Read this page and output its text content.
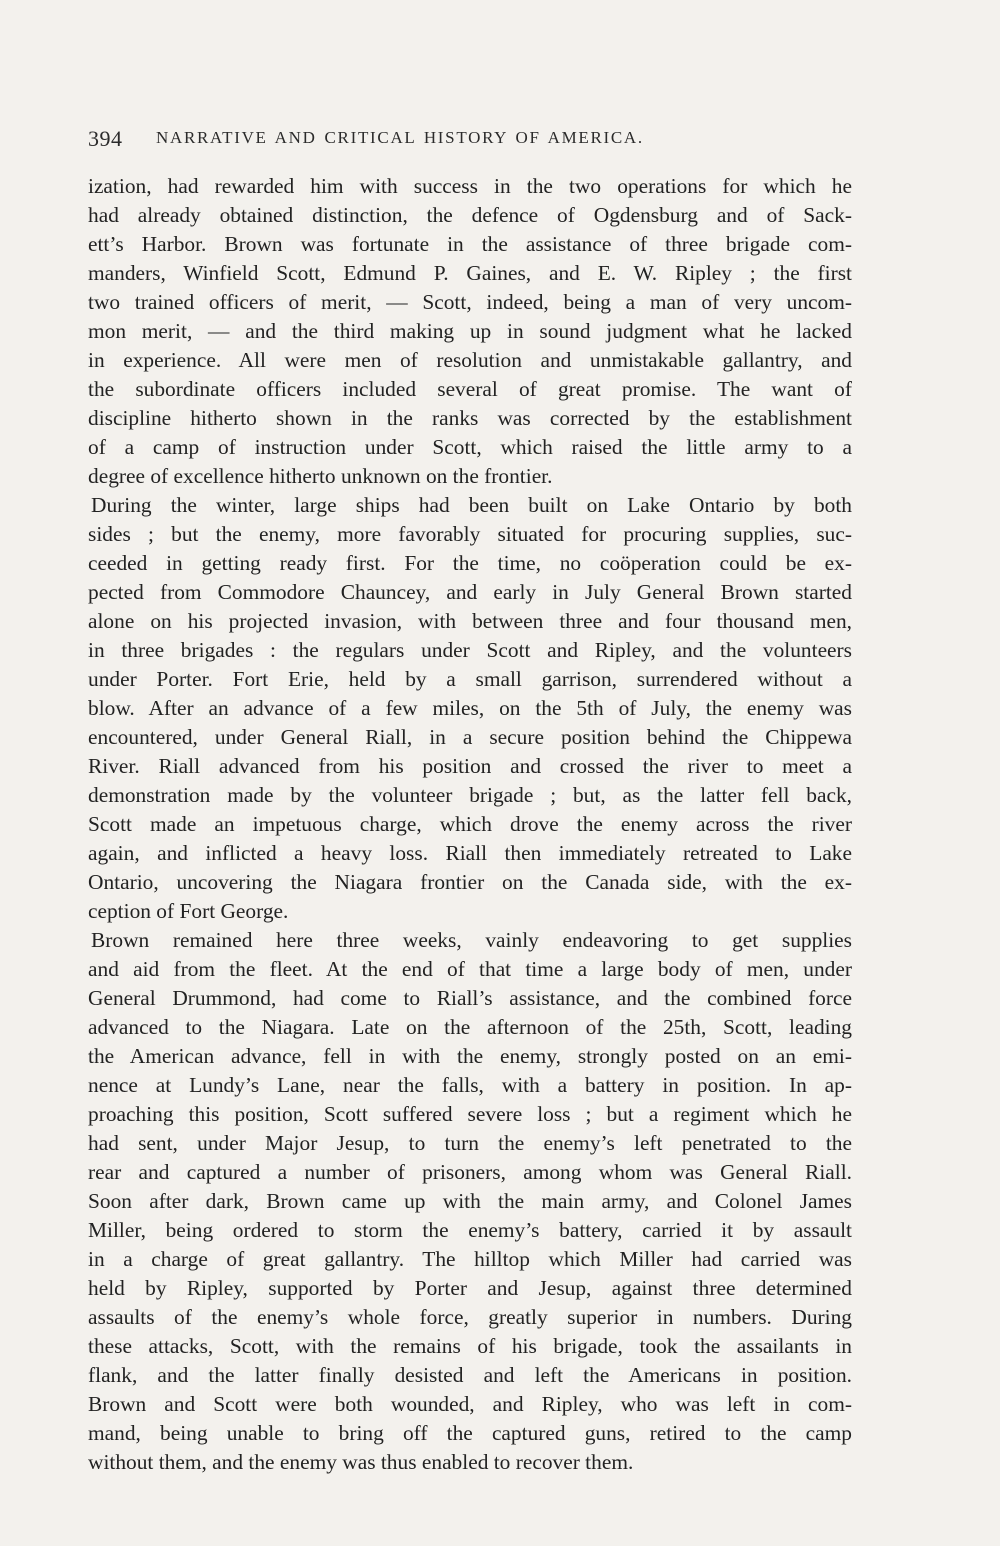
394 NARRATIVE AND CRITICAL HISTORY OF AMERICA.

ization, had rewarded him with success in the two operations for which he
had already obtained distinction, the defence of Ogdensburg and of Sack-
ett’s Harbor. Brown was fortunate in the assistance of three brigade com-
manders, Winfield Scott, Edmund P. Gaines, and E. W. Ripley ; the first
two trained officers of merit, — Scott, indeed, being a man of very uncom-
mon merit, — and the third making up in sound judgment what he lacked
in experience. All were men of resolution and unmistakable gallantry, and
the subordinate officers included several of great promise. The want of
discipline hitherto shown in the ranks was corrected by the establishment
of a camp of instruction under Scott, which raised the little army to a
degree of excellence hitherto unknown on the frontier.

During the winter, large ships had been built on Lake Ontario by both
sides ; but the enemy, more favorably situated for procuring supplies, suc-
ceeded in getting ready first. For the time, no coöperation could be ex-
pected from Commodore Chauncey, and early in July General Brown started
alone on his projected invasion, with between three and four thousand men,
in three brigades : the regulars under Scott and Ripley, and the volunteers
under Porter. Fort Erie, held by a small garrison, surrendered without a
blow. After an advance of a few miles, on the 5th of July, the enemy was
encountered, under General Riall, in a secure position behind the Chippewa
River. Riall advanced from his position and crossed the river to meet a
demonstration made by the volunteer brigade ; but, as the latter fell back,
Scott made an impetuous charge, which drove the enemy across the river
again, and inflicted a heavy loss. Riall then immediately retreated to Lake
Ontario, uncovering the Niagara frontier on the Canada side, with the ex-
ception of Fort George.

Brown remained here three weeks, vainly endeavoring to get supplies
and aid from the fleet. At the end of that time a large body of men, under
General Drummond, had come to Riall’s assistance, and the combined force
advanced to the Niagara. Late on the afternoon of the 25th, Scott, leading
the American advance, fell in with the enemy, strongly posted on an emi-
nence at Lundy’s Lane, near the falls, with a battery in position. In ap-
proaching this position, Scott suffered severe loss ; but a regiment which he
had sent, under Major Jesup, to turn the enemy’s left penetrated to the
rear and captured a number of prisoners, among whom was General Riall.
Soon after dark, Brown came up with the main army, and Colonel James
Miller, being ordered to storm the enemy’s battery, carried it by assault
in a charge of great gallantry. The hilltop which Miller had carried was
held by Ripley, supported by Porter and Jesup, against three determined
assaults of the enemy’s whole force, greatly superior in numbers. During
these attacks, Scott, with the remains of his brigade, took the assailants in
flank, and the latter finally desisted and left the Americans in position.
Brown and Scott were both wounded, and Ripley, who was left in com-
mand, being unable to bring off the captured guns, retired to the camp
without them, and the enemy was thus enabled to recover them.
